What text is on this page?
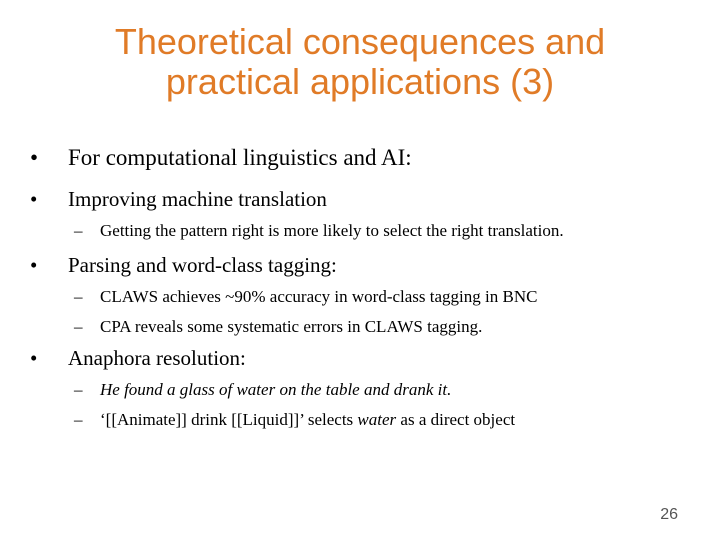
Theoretical consequences and
practical applications (3)
• For computational linguistics and AI:
• Improving machine translation
– Getting the pattern right is more likely to select the right translation.
• Parsing and word-class tagging:
– CLAWS achieves ~90% accuracy in word-class tagging in BNC
– CPA reveals some systematic errors in CLAWS tagging.
• Anaphora resolution:
– He found a glass of water on the table and drank it.
– ‘[[Animate]] drink [[Liquid]]’ selects water as a direct object
26
